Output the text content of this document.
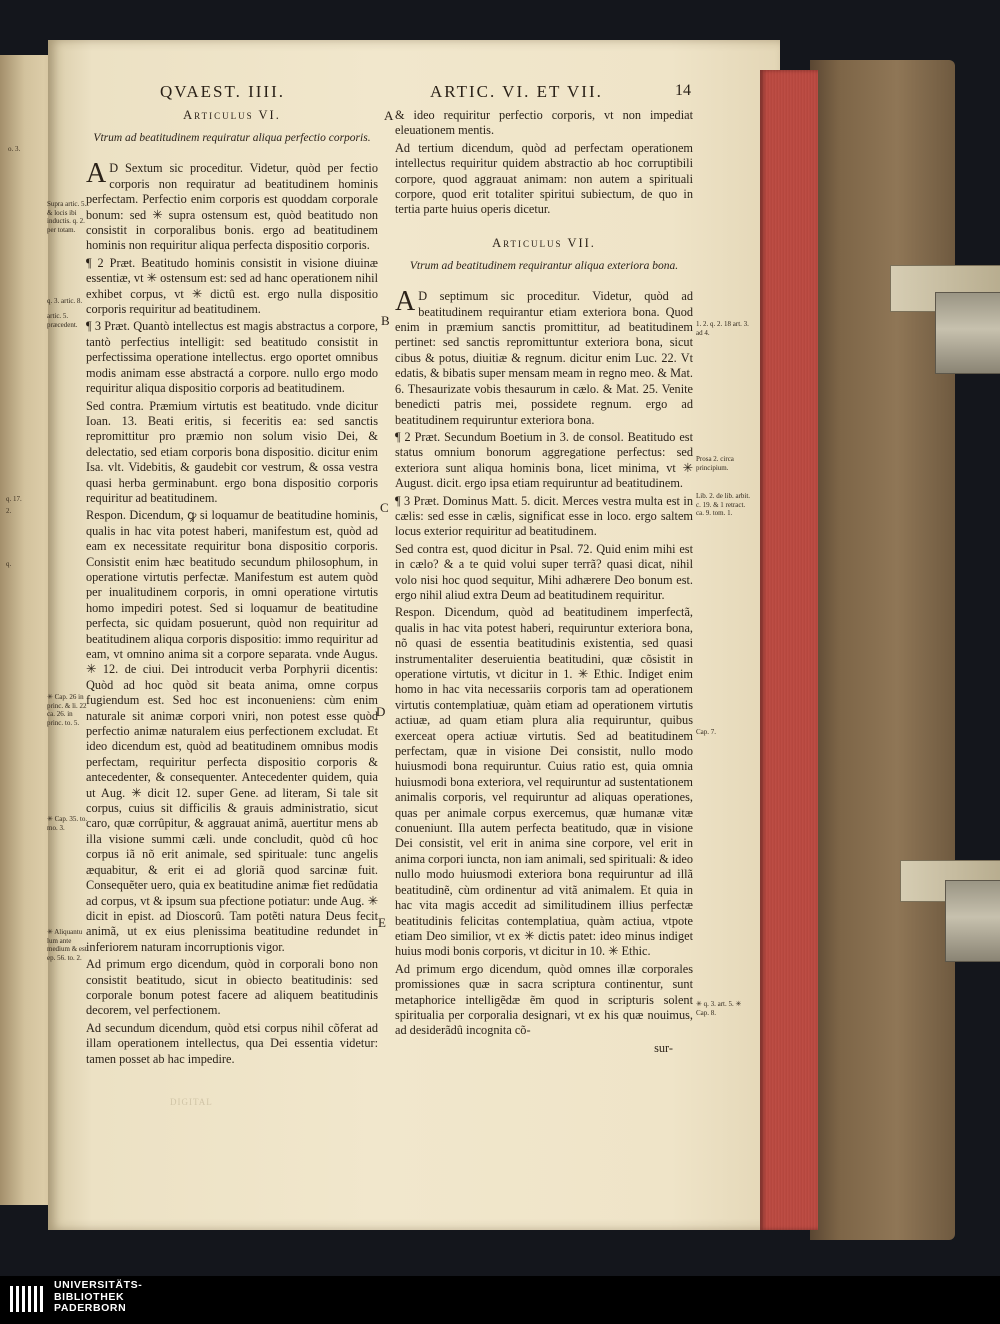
o. 3.
q. 17.
2.
q.
QVAEST. IIII.	ARTIC. VI. ET VII.	14
Articulus VI.
Vtrum ad beatitudinem requiratur aliqua perfectio corporis.

A D Sextum sic proceditur. Videtur, quòd per fectio corporis non requiratur ad beatitudinem hominis perfectam. Perfectio enim corporis est quoddam corporale bonum: sed ✳ supra ostensum est, quòd beatitudo non consistit in corporalibus bonis. ergo ad beatitudinem hominis non requiritur aliqua perfecta dispositio corporis.

¶ 2 Præt. Beatitudo hominis consistit in visione diuinæ essentiæ, vt ✳ ostensum est: sed ad hanc operationem nihil exhibet corpus, vt ✳ dictû est. ergo nulla dispositio corporis requiritur ad beatitudinem.

¶ 3 Præt. Quantò intellectus est magis abstractus a corpore, tantò perfectius intelligit: sed beatitudo consistit in perfectissima operatione intellectus. ergo oportet omnibus modis animam esse abstractá a corpore. nullo ergo modo requiritur aliqua dispositio corporis ad beatitudinem.

Sed contra. Præmium virtutis est beatitudo. vnde dicitur Ioan. 13. Beati eritis, si feceritis ea: sed sanctis repromittitur pro præmio non solum visio Dei, & delectatio, sed etiam corporis bona dispositio. dicitur enim Isa. vlt. Videbitis, & gaudebit cor vestrum, & ossa vestra quasi herba germinabunt. ergo bona dispositio corporis requiritur ad beatitudinem.

Respon. Dicendum, ꝙ si loquamur de beatitudine hominis, qualis in hac vita potest haberi, manifestum est, quòd ad eam ex necessitate requiritur bona dispositio corporis. Consistit enim hæc beatitudo secundum philosophum, in operatione virtutis perfectæ. Manifestum est autem quòd per inualitudinem corporis, in omni operatione virtutis homo impediri potest. Sed si loquamur de beatitudine perfecta, sic quidam posuerunt, quòd non requiritur ad beatitudinem aliqua corporis dispositio: immo requiritur ad eam, vt omnino anima sit a corpore separata. vnde Augus. ✳ 12. de ciui. Dei introducit verba Porphyrii dicentis: Quòd ad hoc quòd sit beata anima, omne corpus fugiendum est. Sed hoc est inconueniens: cùm enim naturale sit animæ corpori vniri, non potest esse quòd perfectio animæ naturalem eius perfectionem excludat. Et ideo dicendum est, quòd ad beatitudinem omnibus modis perfectam, requiritur perfecta dispositio corporis & antecedenter, & consequenter. Antecedenter quidem, quia ut Aug. ✳ dicit 12. super Gene. ad literam, Si tale sit corpus, cuius sit difficilis & grauis administratio, sicut caro, quæ corrûpitur, & aggrauat animã, auertitur mens ab illa visione summi cæli. unde concludit, quòd cû hoc corpus iã nõ erit animale, sed spirituale: tunc angelis æquabitur, & erit ei ad gloriã quod sarcinæ fuit. Consequẽter uero, quia ex beatitudine animæ fiet redũdatia ad corpus, vt & ipsum sua pfectione potiatur: unde Aug. ✳ dicit in epist. ad Dioscorû. Tam potẽti natura Deus fecit animã, ut ex eius plenissima beatitudine redundet in inferiorem naturam incorruptionis vigor.

Ad primum ergo dicendum, quòd in corporali bono non consistit beatitudo, sicut in obiecto beatitudinis: sed corporale bonum potest facere ad aliquem beatitudinis decorem, vel perfectionem.

Ad secundum dicendum, quòd etsi corpus nihil cõferat ad illam operationem intellectus, qua Dei essentia videtur: tamen posset ab hac impedire.

& ideo requiritur perfectio corporis, vt non impediat eleuationem mentis.

Ad tertium dicendum, quòd ad perfectam operationem intellectus requiritur quidem abstractio ab hoc corruptibili corpore, quod aggrauat animam: non autem a spirituali corpore, quod erit totaliter spiritui subiectum, de quo in tertia parte huius operis dicetur.

Articulus VII.
Vtrum ad beatitudinem requirantur aliqua exteriora bona.

A D septimum sic proceditur. Videtur, quòd ad beatitudinem requirantur etiam exteriora bona. Quod enim in præmium sanctis promittitur, ad beatitudinem pertinet: sed sanctis repromittuntur exteriora bona, sicut cibus & potus, diuitiæ & regnum. dicitur enim Luc. 22. Vt edatis, & bibatis super mensam meam in regno meo. & Mat. 6. Thesaurizate vobis thesaurum in cælo. & Mat. 25. Venite benedicti patris mei, possidete regnum. ergo ad beatitudinem requiruntur exteriora bona.

¶ 2 Præt. Secundum Boetium in 3. de consol. Beatitudo est status omnium bonorum aggregatione perfectus: sed exteriora sunt aliqua hominis bona, licet minima, vt ✳ August. dicit. ergo ipsa etiam requiruntur ad beatitudinem.

¶ 3 Præt. Dominus Matt. 5. dicit. Merces vestra multa est in cælis: sed esse in cælis, significat esse in loco. ergo saltem locus exterior requiritur ad beatitudinem.

Sed contra est, quod dicitur in Psal. 72. Quid enim mihi est in cælo? & a te quid volui super terrã? quasi dicat, nihil volo nisi hoc quod sequitur, Mihi adhærere Deo bonum est. ergo nihil aliud extra Deum ad beatitudinem requiritur.

Respon. Dicendum, quòd ad beatitudinem imperfectã, qualis in hac vita potest haberi, requiruntur exteriora bona, nõ quasi de essentia beatitudinis existentia, sed quasi instrumentaliter deseruientia beatitudini, quæ cõsistit in operatione virtutis, vt dicitur in 1. ✳ Ethic. Indiget enim homo in hac vita necessariis corporis tam ad operationem virtutis contemplatiuæ, quàm etiam ad operationem virtutis actiuæ, ad quam etiam plura alia requiruntur, quibus exerceat opera actiuæ virtutis. Sed ad beatitudinem perfectam, quæ in visione Dei consistit, nullo modo huiusmodi bona requiruntur. Cuius ratio est, quia omnia huiusmodi bona exteriora, vel requiruntur ad sustentationem animalis corporis, vel requiruntur ad aliquas operationes, quas per animale corpus exercemus, quæ humanæ vitæ conueniunt. Illa autem perfecta beatitudo, quæ in visione Dei consistit, vel erit in anima sine corpore, vel erit in anima corpori iuncta, non iam animali, sed spirituali: & ideo nullo modo huiusmodi exteriora bona requiruntur ad illã beatitudinẽ, cùm ordinentur ad vitã animalem. Et quia in hac vita magis accedit ad similitudinem illius perfectæ beatitudinis felicitas contemplatiua, quàm actiua, vtpote etiam Deo similior, vt ex ✳ dictis patet: ideo minus indiget huius modi bonis corporis, vt dicitur in 10. ✳ Ethic.

Ad primum ergo dicendum, quòd omnes illæ corporales promissiones quæ in sacra scriptura continentur, sunt metaphorice intelligẽdæ ẽm quod in scripturis solent spiritualia per corporalia designari, vt ex his quæ nouimus, ad desiderãdû incognita cõ-

sur-

Supra artic. 5. & locis ibi inductis. q. 2. per totam.
q. 3. artic. 8.
artic. 5. præcedent.
✳ Cap. 26 in princ. & li. 22 ca. 26. in princ. to. 5.
✳ Cap. 35. to. mo. 3.
✳ Aliquantu lum ante medium & est ep. 56. to. 2.
1. 2. q. 2. 18 art. 3. ad 4.
Prosa 2. circa principium.
Lib. 2. de lib. arbit. c. 19. & 1 retract. ca. 9. tom. 1.
Cap. 7.
✳ q. 3. art. 5. ✳ Cap. 8.
A
B
C
D
E
DIGITAL
UNIVERSITÄTS-
BIBLIOTHEK
PADERBORN
